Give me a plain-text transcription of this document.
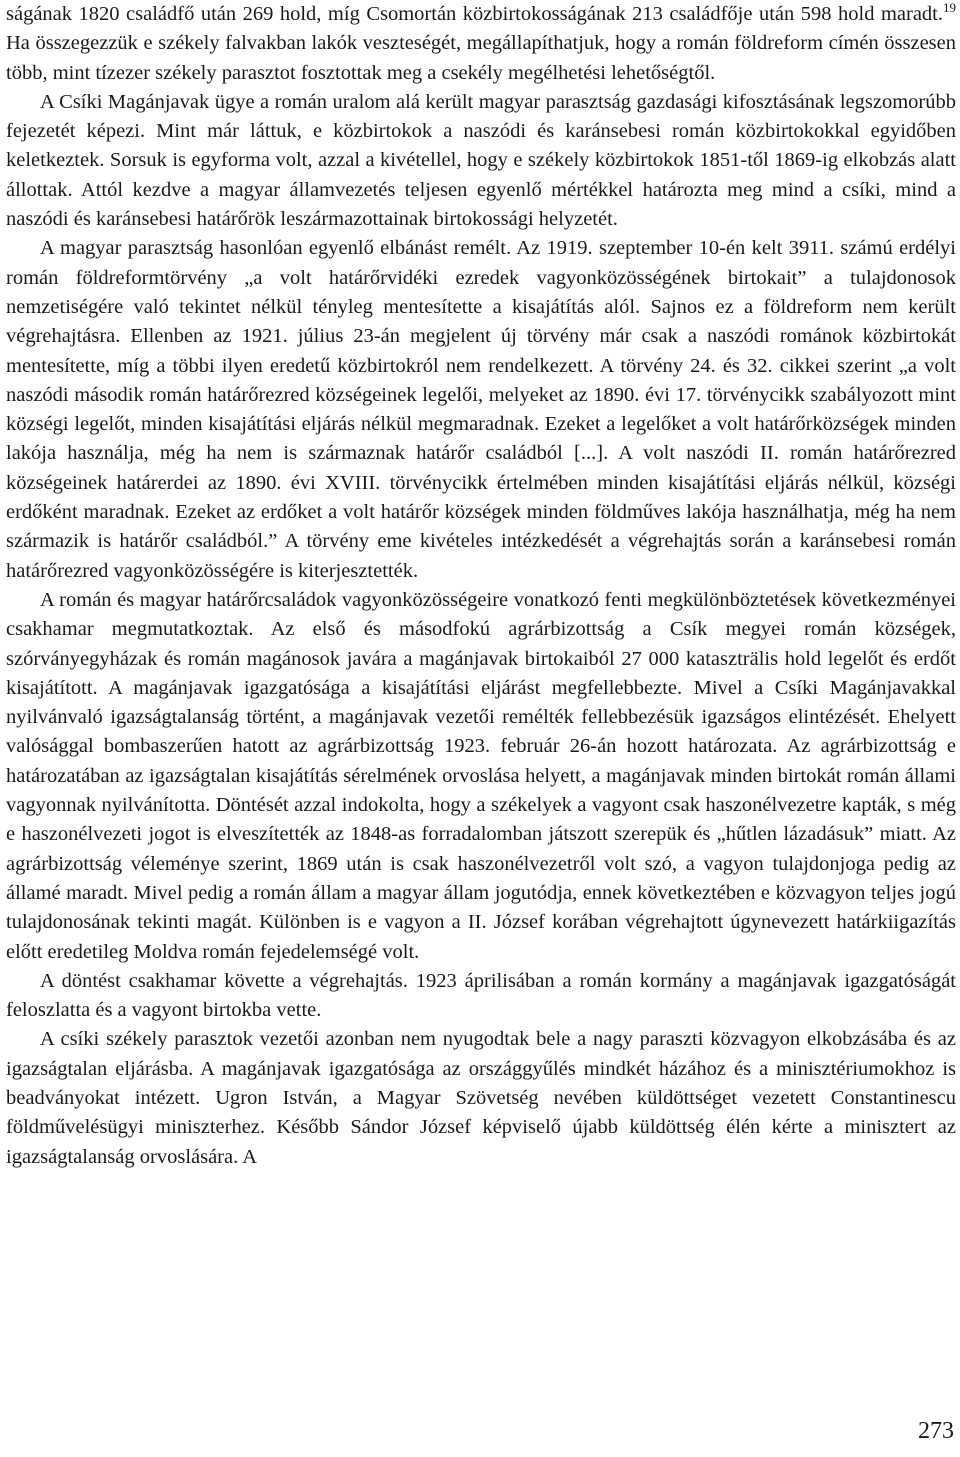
ságának 1820 családfő után 269 hold, míg Csomortán közbirtokosságának 213 családfője után 598 hold maradt.$^{19}$ Ha összegezzük e székely falvakban lakók veszteségét, megállapíthatjuk, hogy a román földreform címén összesen több, mint tízezer székely parasztot fosztottak meg a csekély megélhetési lehetőségtől.

A Csíki Magánjavak ügye a román uralom alá került magyar parasztság gazdasági kifosztásának legszomorúbb fejezetét képezi. Mint már láttuk, e közbirtokok a naszódi és karánsebesi román közbirtokokkal egyidőben keletkeztek. Sorsuk is egyforma volt, azzal a kivétellel, hogy e székely közbirtokok 1851-től 1869-ig elkobzás alatt állottak. Attól kezdve a magyar államvezetés teljesen egyenlő mértékkel határozta meg mind a csíki, mind a naszódi és karánsebesi határőrök leszármazottainak birtokossági helyzetét.

A magyar parasztság hasonlóan egyenlő elbánást remélt. Az 1919. szeptember 10-én kelt 3911. számú erdélyi román földreformtörvény „a volt határőrvidéki ezredek vagyonközösségének birtokait” a tulajdonosok nemzetiségére való tekintet nélkül tényleg mentesítette a kisajátítás alól. Sajnos ez a földreform nem került végrehajtásra. Ellenben az 1921. július 23-án megjelent új törvény már csak a naszódi románok közbirtokát mentesítette, míg a többi ilyen eredetű közbirtokról nem rendelkezett. A törvény 24. és 32. cikkei szerint „a volt naszódi második román határőrezred községeinek legelői, melyeket az 1890. évi 17. törvénycikk szabályozott mint községi legelőt, minden kisajátítási eljárás nélkül megmaradnak. Ezeket a legelőket a volt határőrközségek minden lakója használja, még ha nem is származnak határőr családból [...]. A volt naszódi II. román határőrezred községeinek határerdei az 1890. évi XVIII. törvénycikk értelmében minden kisajátítási eljárás nélkül, községi erdőként maradnak. Ezeket az erdőket a volt határőr községek minden földműves lakója használhatja, még ha nem származik is határőr családból.” A törvény eme kivételes intézkedését a végrehajtás során a karánsebesi román határőrezred vagyonközösségére is kiterjesztették.

A román és magyar határőrcsaládok vagyonközösségeire vonatkozó fenti megkülönböztetések következményei csakhamar megmutatkoztak. Az első és másodfokú agrárbizottság a Csík megyei román községek, szórványegyházak és román magánosok javára a magánjavak birtokaiból 27 000 kataszträlis hold legelőt és erdőt kisajátított. A magánjavak igazgatósága a kisajátítási eljárást megfellebbezte. Mivel a Csíki Magánjavakkal nyilvánvaló igazságtalanság történt, a magánjavak vezetői remélték fellebbezésük igazságos elintézését. Ehelyett valósággal bombaszerűen hatott az agrárbizottság 1923. február 26-án hozott határozata. Az agrárbizottság e határozatában az igazságtalan kisajátítás sérelmének orvoslása helyett, a magánjavak minden birtokát román állami vagyonnak nyilvánította. Döntését azzal indokolta, hogy a székelyek a vagyont csak haszonélvezetre kapták, s még e haszonélvezeti jogot is elveszítették az 1848-as forradalomban játszott szerepük és „hűtlen lázadásuk” miatt. Az agrárbizottság véleménye szerint, 1869 után is csak haszonélvezetről volt szó, a vagyon tulajdonjoga pedig az államé maradt. Mivel pedig a román állam a magyar állam jogutódja, ennek következtében e közvagyon teljes jogú tulajdonosának tekinti magát. Különben is e vagyon a II. József korában végrehajtott úgynevezett határkiigazítás előtt eredetileg Moldva román fejedelemségé volt.

A döntést csakhamar követte a végrehajtás. 1923 áprilisában a román kormány a magánjavak igazgatóságát feloszlatta és a vagyont birtokba vette.

A csíki székely parasztok vezetői azonban nem nyugodtak bele a nagy paraszti közvagyon elkobzásába és az igazságtalan eljárásba. A magánjavak igazgatósága az országgyűlés mindkét házához és a minisztériumokhoz is beadványokat intézett. Ugron István, a Magyar Szövetség nevében küldöttséget vezetett Constantinescu földművelésügyi miniszterhez. Később Sándor József képviselő újabb küldöttség élén kérte a minisztert az igazságtalanság orvoslására. A

273
